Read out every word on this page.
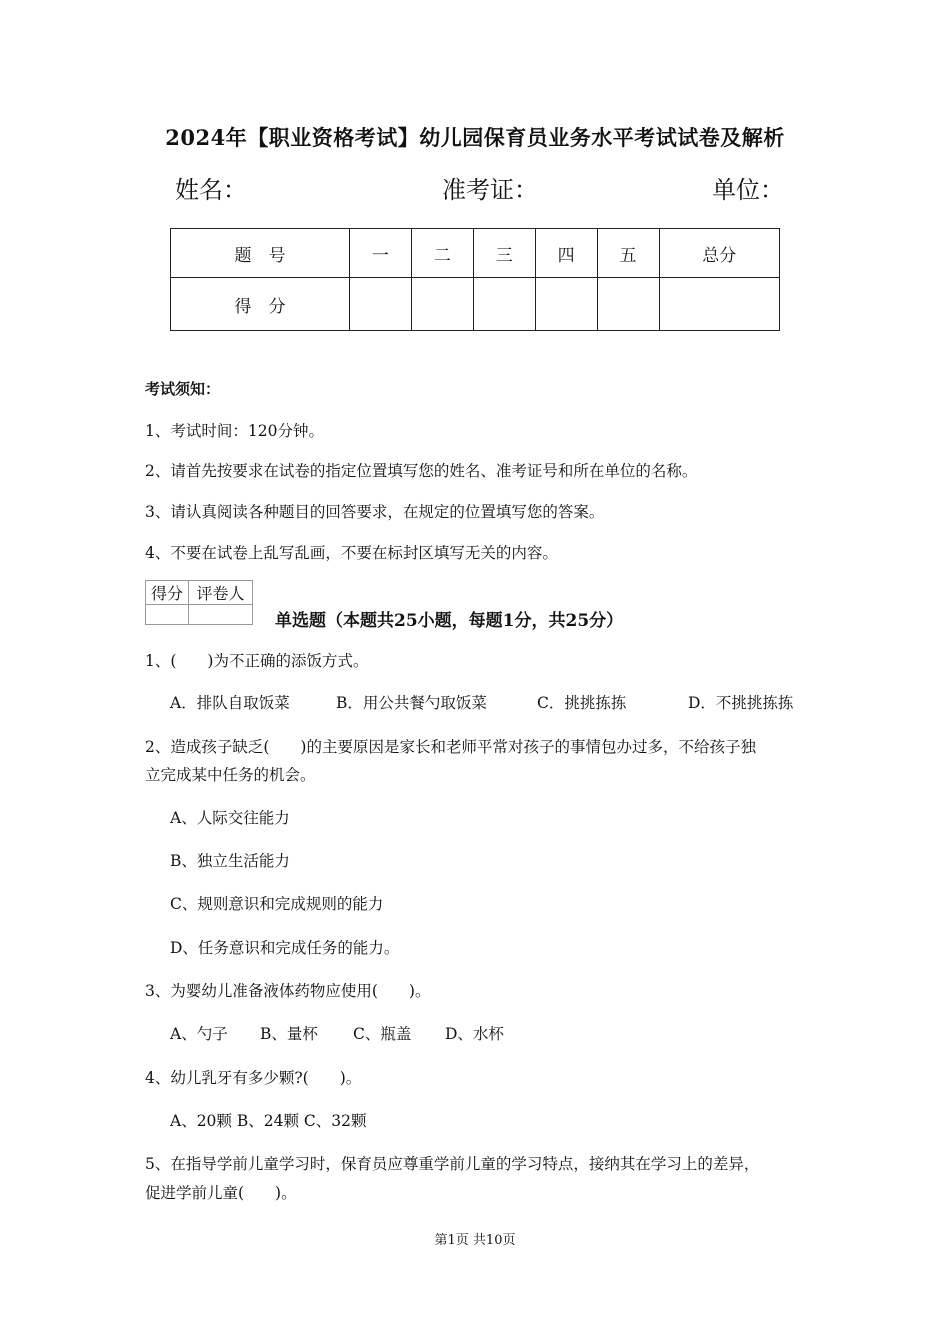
2024年【职业资格考试】幼儿园保育员业务水平考试试卷及解析
姓名：	准考证：	单位：
题　号	一	二	三	四	五	总分
得　分						
考试须知：
1、考试时间：120分钟。
2、请首先按要求在试卷的指定位置填写您的姓名、准考证号和所在单位的名称。
3、请认真阅读各种题目的回答要求，在规定的位置填写您的答案。
4、不要在试卷上乱写乱画，不要在标封区填写无关的内容。
得分	评卷人

单选题（本题共25小题，每题1分，共25分）
1、(　　)为不正确的添饭方式。
A．排队自取饭菜	B．用公共餐勺取饭菜	C．挑挑拣拣	D．不挑挑拣拣
2、造成孩子缺乏(　　)的主要原因是家长和老师平常对孩子的事情包办过多，不给孩子独
立完成某中任务的机会。
A、人际交往能力
B、独立生活能力
C、规则意识和完成规则的能力
D、任务意识和完成任务的能力。
3、为婴幼儿准备液体药物应使用(　　)。
A、勺子 B、量杯 C、瓶盖 D、水杯
4、幼儿乳牙有多少颗?(　　)。
A、20颗 B、24颗 C、32颗
5、在指导学前儿童学习时，保育员应尊重学前儿童的学习特点，接纳其在学习上的差异，
促进学前儿童(　　)。
第1页 共10页
